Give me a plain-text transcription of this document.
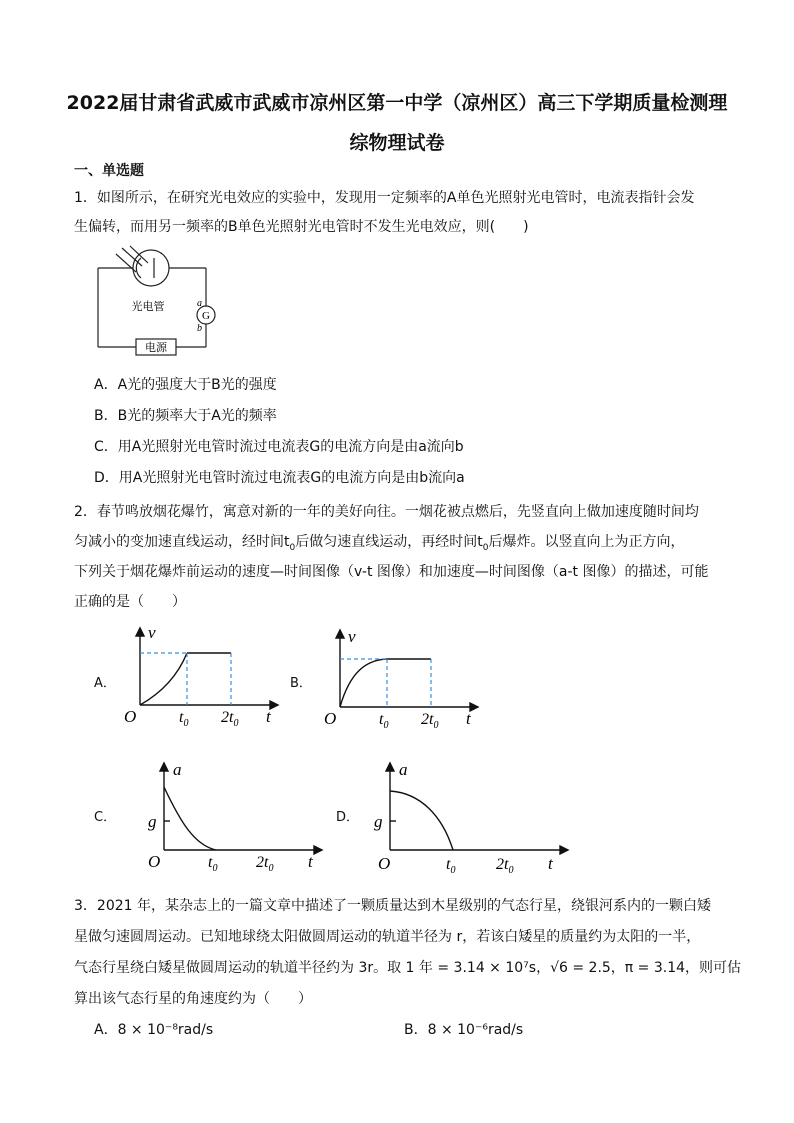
2022届甘肃省武威市武威市凉州区第一中学（凉州区）高三下学期质量检测理
综物理试卷
一、单选题
1．如图所示，在研究光电效应的实验中，发现用一定频率的A单色光照射光电管时，电流表指针会发
生偏转，而用另一频率的B单色光照射光电管时不发生光电效应，则(　　)
光电管
G
a
b
电源
A．A光的强度大于B光的强度
B．B光的频率大于A光的频率
C．用A光照射光电管时流过电流表G的电流方向是由a流向b
D．用A光照射光电管时流过电流表G的电流方向是由b流向a
2．春节鸣放烟花爆竹，寓意对新的一年的美好向往。一烟花被点燃后，先竖直向上做加速度随时间均
匀减小的变加速直线运动，经时间$t_0$后做匀速直线运动，再经时间$t_0$后爆炸。以竖直向上为正方向，
下列关于烟花爆炸前运动的速度—时间图像（v-t 图像）和加速度—时间图像（a-t 图像）的描述，可能
正确的是（　　）
A．	B．
C．	D．
v
O	$t_0$ $2t_0$ t
v
O	$t_0$ $2t_0$ t
a
g
O	$t_0$ $2t_0$ t
a
g
O	$t_0$	$2t_0$ t
3．2021 年，某杂志上的一篇文章中描述了一颗质量达到木星级别的气态行星，绕银河系内的一颗白矮
星做匀速圆周运动。已知地球绕太阳做圆周运动的轨道半径为 r，若该白矮星的质量约为太阳的一半，
气态行星绕白矮星做圆周运动的轨道半径约为 3r。取 1 年 = 3.14 × 10⁷s，√6 = 2.5，π = 3.14，则可估
算出该气态行星的角速度约为（　　）
A．8 × 10⁻⁸rad/s	B．8 × 10⁻⁶rad/s
